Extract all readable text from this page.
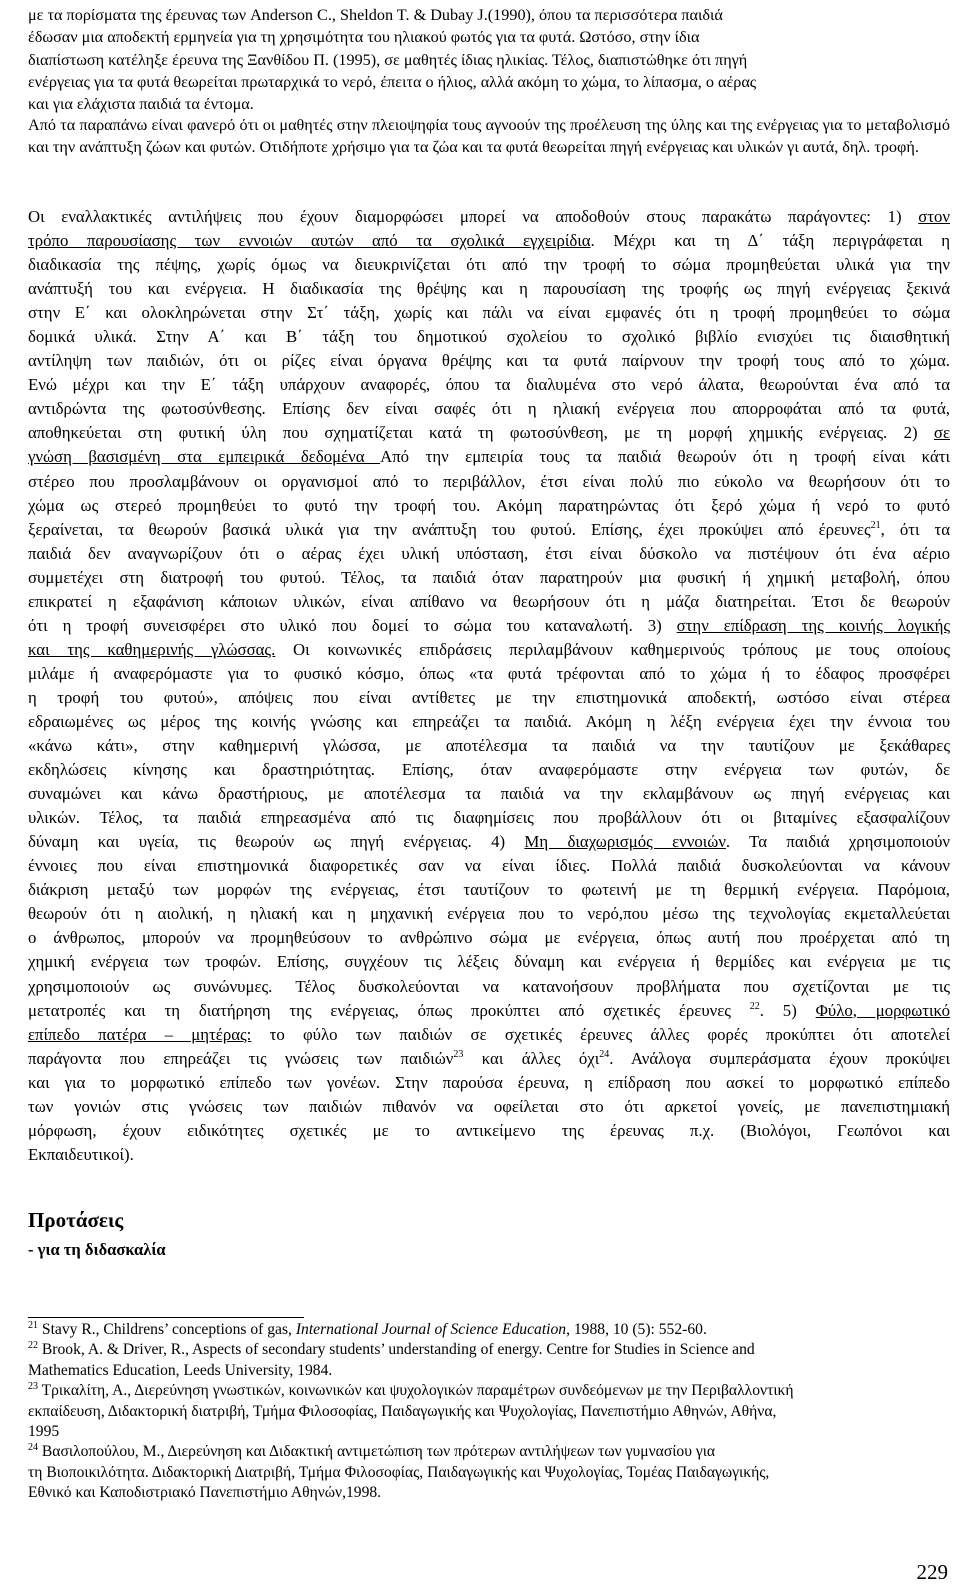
με τα πορίσματα της έρευνας των Anderson C., Sheldon T. & Dubay J.(1990), όπου τα περισσότερα παιδιά
έδωσαν μια αποδεκτή ερμηνεία για τη χρησιμότητα του ηλιακού φωτός για τα φυτά. Ωστόσο, στην ίδια
διαπίστωση κατέληξε έρευνα της Ξανθίδου Π. (1995), σε μαθητές ίδιας ηλικίας. Τέλος, διαπιστώθηκε ότι πηγή
ενέργειας για τα φυτά θεωρείται πρωταρχικά το νερό, έπειτα ο ήλιος, αλλά ακόμη το χώμα, το λίπασμα, ο αέρας
και για ελάχιστα παιδιά τα έντομα.

Από τα παραπάνω είναι φανερό ότι οι μαθητές στην πλειοψηφία τους αγνοούν της προέλευση της ύλης και της ενέργειας για το μεταβολισμό και την ανάπτυξη ζώων και φυτών. Οτιδήποτε χρήσιμο για τα ζώα και τα φυτά θεωρείται πηγή ενέργειας και υλικών γι αυτά, δηλ. τροφή.

Οι εναλλακτικές αντιλήψεις που έχουν διαμορφώσει μπορεί να αποδοθούν στους παρακάτω παράγοντες: 1) στον
τρόπο παρουσίασης των εννοιών αυτών από τα σχολικά εγχειρίδια. Μέχρι και τη Δ΄ τάξη περιγράφεται η
διαδικασία της πέψης, χωρίς όμως να διευκρινίζεται ότι από την τροφή το σώμα προμηθεύεται υλικά για την
ανάπτυξή του και ενέργεια. Η διαδικασία της θρέψης και η παρουσίαση της τροφής ως πηγή ενέργειας ξεκινά
στην Ε΄ και ολοκληρώνεται στην Στ΄ τάξη, χωρίς και πάλι να είναι εμφανές ότι η τροφή προμηθεύει το σώμα
δομικά υλικά. Στην Α΄ και Β΄ τάξη του δημοτικού σχολείου το σχολικό βιβλίο ενισχύει τις διαισθητική
αντίληψη των παιδιών, ότι οι ρίζες είναι όργανα θρέψης και τα φυτά παίρνουν την τροφή τους από το χώμα.
Ενώ μέχρι και την Ε΄ τάξη υπάρχουν αναφορές, όπου τα διαλυμένα στο νερό άλατα, θεωρούνται ένα από τα
αντιδρώντα της φωτοσύνθεσης. Επίσης δεν είναι σαφές ότι η ηλιακή ενέργεια που απορροφάται από τα φυτά,
αποθηκεύεται στη φυτική ύλη που σχηματίζεται κατά τη φωτοσύνθεση, με τη μορφή χημικής ενέργειας. 2) σε
γνώση βασισμένη στα εμπειρικά δεδομένα Από την εμπειρία τους τα παιδιά θεωρούν ότι η τροφή είναι κάτι
στέρεο που προσλαμβάνουν οι οργανισμοί από το περιβάλλον, έτσι είναι πολύ πιο εύκολο να θεωρήσουν ότι το
χώμα ως στερεό προμηθεύει το φυτό την τροφή του. Ακόμη παρατηρώντας ότι ξερό χώμα ή νερό το φυτό
ξεραίνεται, τα θεωρούν βασικά υλικά για την ανάπτυξη του φυτού. Επίσης, έχει προκύψει από έρευνες$^{21}$, ότι τα
παιδιά δεν αναγνωρίζουν ότι ο αέρας έχει υλική υπόσταση, έτσι είναι δύσκολο να πιστέψουν ότι ένα αέριο
συμμετέχει στη διατροφή του φυτού. Τέλος, τα παιδιά όταν παρατηρούν μια φυσική ή χημική μεταβολή, όπου
επικρατεί η εξαφάνιση κάποιων υλικών, είναι απίθανο να θεωρήσουν ότι η μάζα διατηρείται. Έτσι δε θεωρούν
ότι η τροφή συνεισφέρει στο υλικό που δομεί το σώμα του καταναλωτή. 3) στην επίδραση της κοινής λογικής
και της καθημερινής γλώσσας. Οι κοινωνικές επιδράσεις περιλαμβάνουν καθημερινούς τρόπους με τους οποίους
μιλάμε ή αναφερόμαστε για το φυσικό κόσμο, όπως «τα φυτά τρέφονται από το χώμα ή το έδαφος προσφέρει
η τροφή του φυτού», απόψεις που είναι αντίθετες με την επιστημονικά αποδεκτή, ωστόσο είναι στέρεα
εδραιωμένες ως μέρος της κοινής γνώσης και επηρεάζει τα παιδιά. Ακόμη η λέξη ενέργεια έχει την έννοια του
«κάνω κάτι», στην καθημερινή γλώσσα, με αποτέλεσμα τα παιδιά να την ταυτίζουν με ξεκάθαρες
εκδηλώσεις κίνησης και δραστηριότητας. Επίσης, όταν αναφερόμαστε στην ενέργεια των φυτών, δε
συναμώνει και κάνω δραστήριους, με αποτέλεσμα τα παιδιά να την εκλαμβάνουν ως πηγή ενέργειας και
υλικών. Τέλος, τα παιδιά επηρεασμένα από τις διαφημίσεις που προβάλλουν ότι οι βιταμίνες εξασφαλίζουν
δύναμη και υγεία, τις θεωρούν ως πηγή ενέργειας. 4) Μη διαχωρισμός εννοιών. Τα παιδιά χρησιμοποιούν
έννοιες που είναι επιστημονικά διαφορετικές σαν να είναι ίδιες. Πολλά παιδιά δυσκολεύονται να κάνουν
διάκριση μεταξύ των μορφών της ενέργειας, έτσι ταυτίζουν το φωτεινή με τη θερμική ενέργεια. Παρόμοια,
θεωρούν ότι η αιολική, η ηλιακή και η μηχανική ενέργεια που το νερό,που μέσω της τεχνολογίας εκμεταλλεύεται
ο άνθρωπος, μπορούν να προμηθεύσουν το ανθρώπινο σώμα με ενέργεια, όπως αυτή που προέρχεται από τη
χημική ενέργεια των τροφών. Επίσης, συγχέουν τις λέξεις δύναμη και ενέργεια ή θερμίδες και ενέργεια με τις
χρησιμοποιούν ως συνώνυμες. Τέλος δυσκολεύονται να κατανοήσουν προβλήματα που σχετίζονται με τις
μετατροπές και τη διατήρηση της ενέργειας, όπως προκύπτει από σχετικές έρευνες $^{22}$. 5) Φύλο, μορφωτικό
επίπεδο πατέρα – μητέρας: το φύλο των παιδιών σε σχετικές έρευνες άλλες φορές προκύπτει ότι αποτελεί
παράγοντα που επηρεάζει τις γνώσεις των παιδιών$^{23}$ και άλλες όχι$^{24}$. Ανάλογα συμπεράσματα έχουν προκύψει
και για το μορφωτικό επίπεδο των γονέων. Στην παρούσα έρευνα, η επίδραση που ασκεί το μορφωτικό επίπεδο
των γονιών στις γνώσεις των παιδιών πιθανόν να οφείλεται στο ότι αρκετοί γονείς, με πανεπιστημιακή
μόρφωση, έχουν ειδικότητες σχετικές με το αντικείμενο της έρευνας π.χ. (Βιολόγοι, Γεωπόνοι και
Εκπαιδευτικοί).
Προτάσεις
- για τη διδασκαλία
$^{21}$ Stavy R., Childrens’ conceptions of gas, International Journal of Science Education, 1988, 10 (5): 552-60.
$^{22}$ Brook, A. & Driver, R., Aspects of secondary students’ understanding of energy. Centre for Studies in Science and
Mathematics Education, Leeds University, 1984.
$^{23}$ Τρικαλίτη, Α., Διερεύνηση γνωστικών, κοινωνικών και ψυχολογικών παραμέτρων συνδεόμενων με την Περιβαλλοντική
εκπαίδευση, Διδακτορική διατριβή, Τμήμα Φιλοσοφίας, Παιδαγωγικής και Ψυχολογίας, Πανεπιστήμιο Αθηνών, Αθήνα,
1995
$^{24}$ Βασιλοπούλου, Μ., Διερεύνηση και Διδακτική αντιμετώπιση των πρότερων αντιλήψεων των γυμνασίου για
τη Βιοποικιλότητα. Διδακτορική Διατριβή, Τμήμα Φιλοσοφίας, Παιδαγωγικής και Ψυχολογίας, Τομέας Παιδαγωγικής,
Εθνικό και Καποδιστριακό Πανεπιστήμιο Αθηνών,1998.

229
